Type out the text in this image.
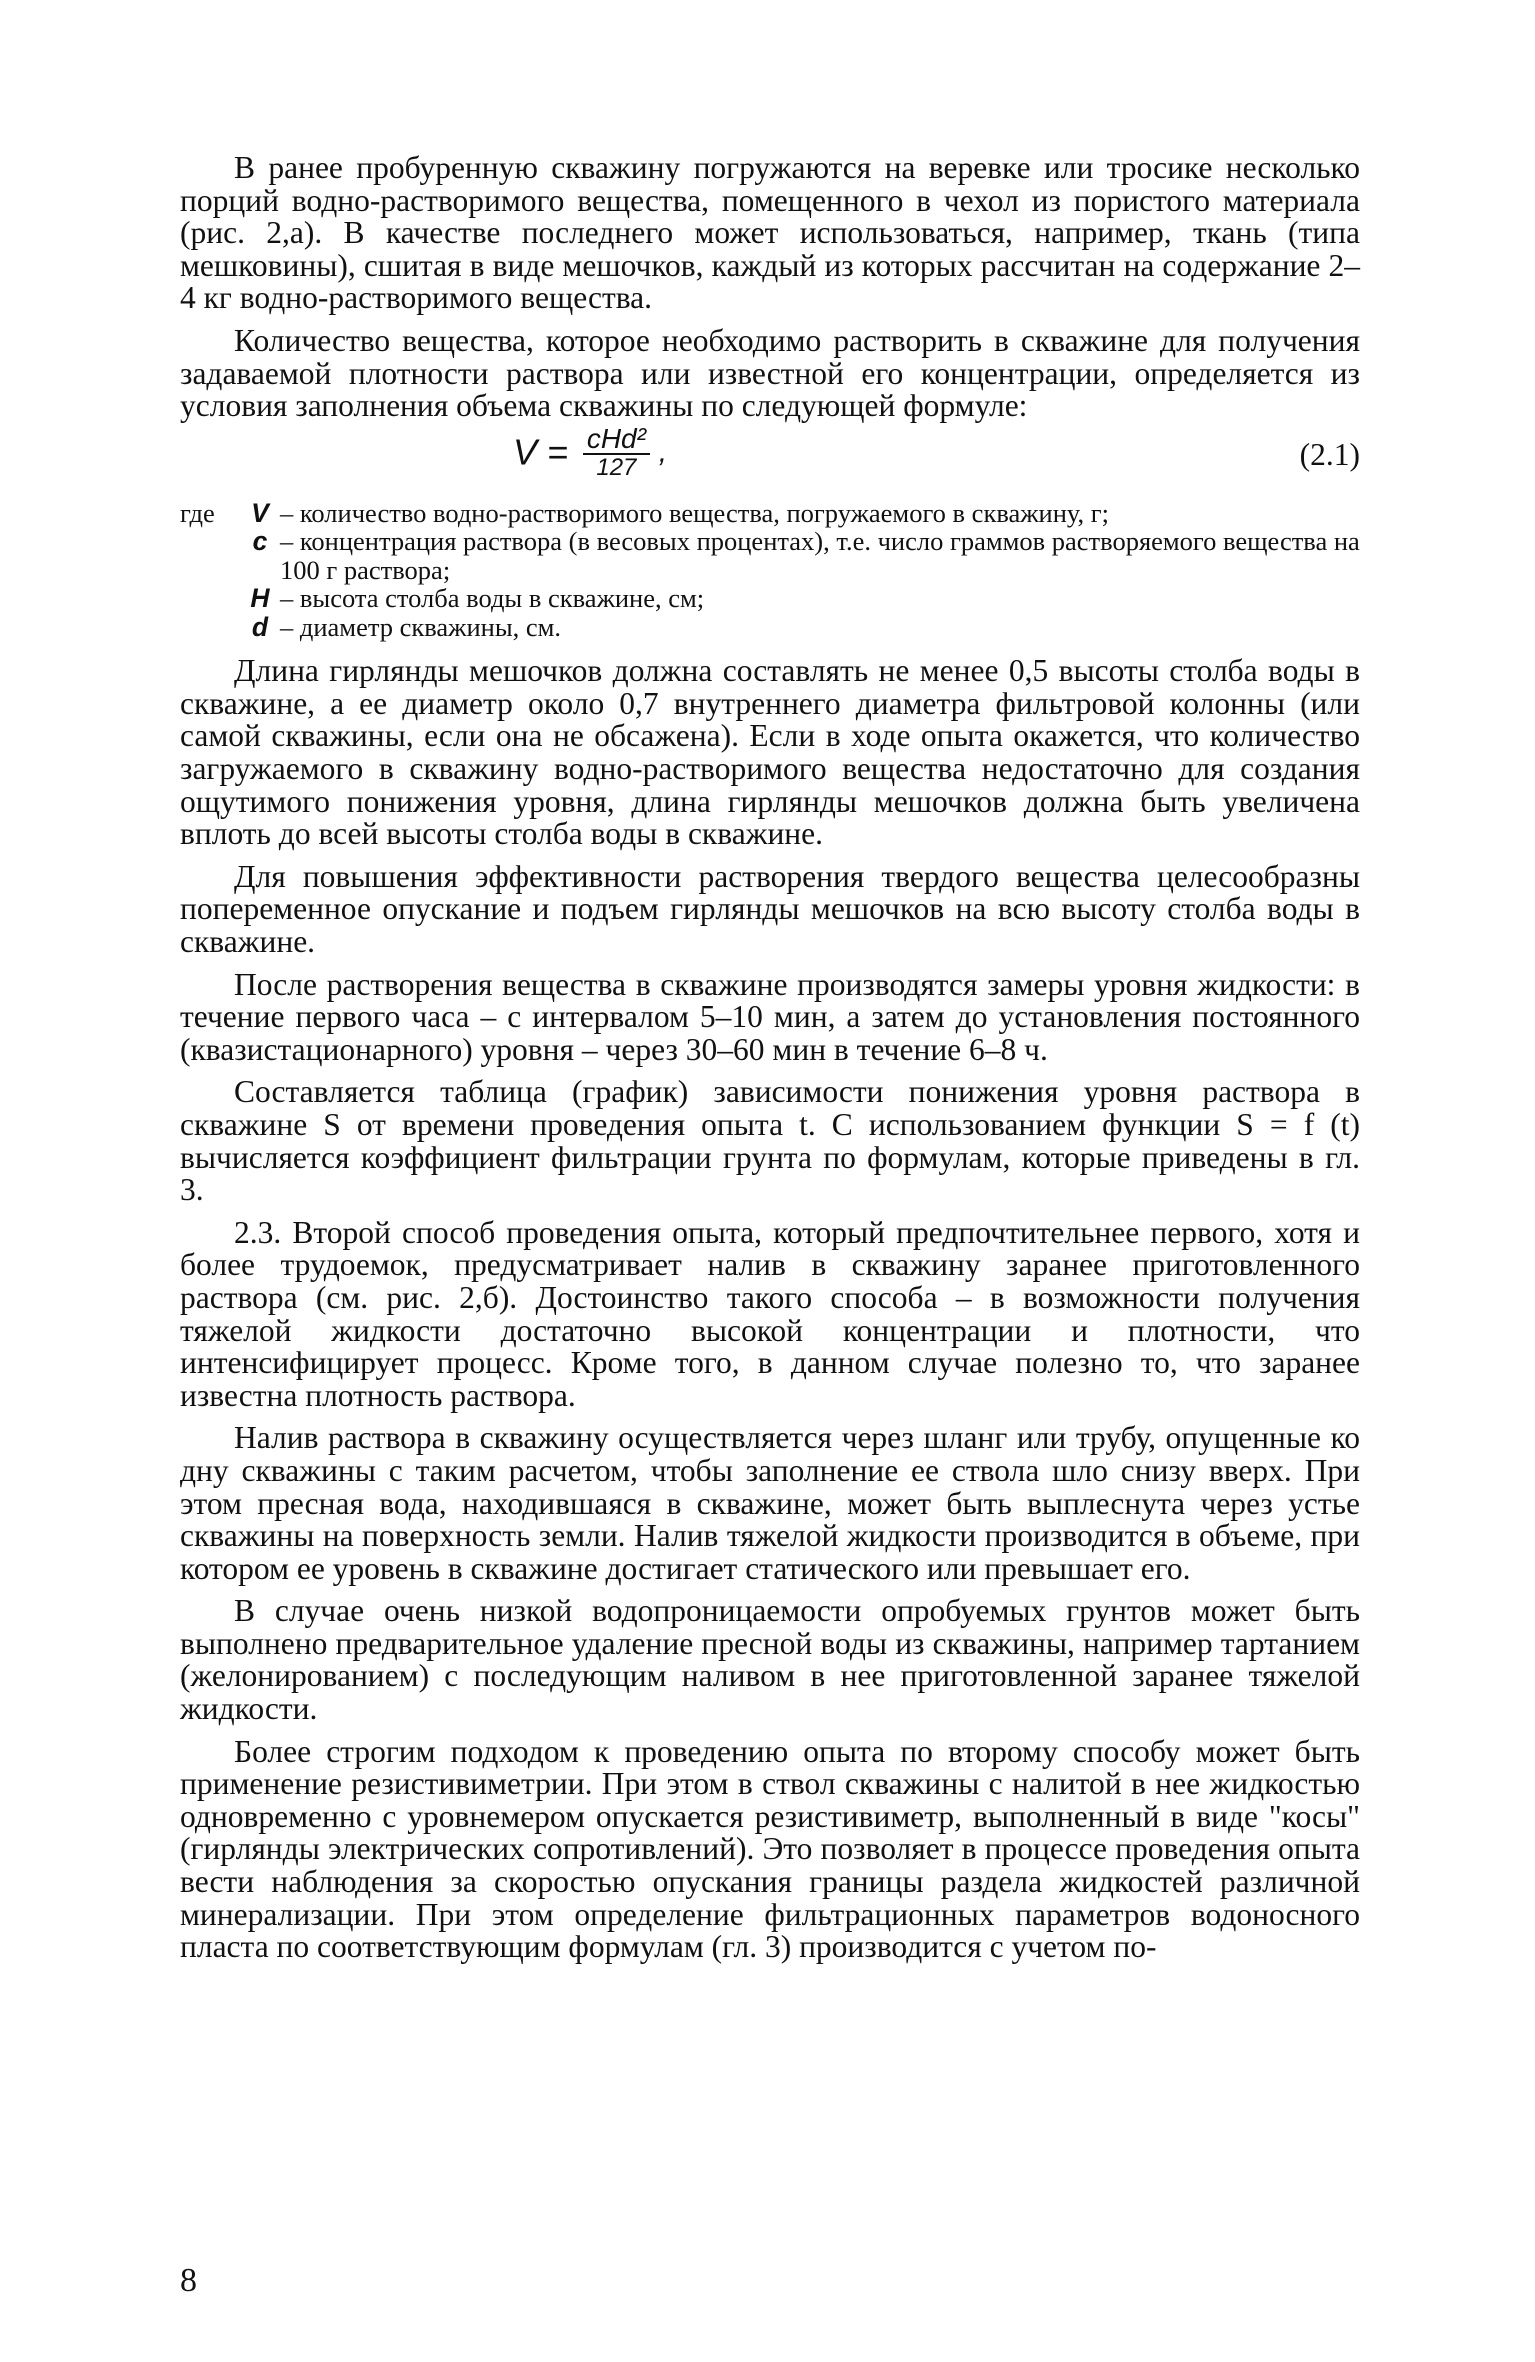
В ранее пробуренную скважину погружаются на веревке или тросике несколько порций водно-растворимого вещества, помещенного в чехол из пористого материала (рис. 2,а). В качестве последнего может использоваться, например, ткань (типа мешковины), сшитая в виде мешочков, каждый из которых рассчитан на содержание 2–4 кг водно-растворимого вещества.

Количество вещества, которое необходимо растворить в скважине для получения задаваемой плотности раствора или известной его концентрации, определяется из условия заполнения объема скважины по следующей формуле:

$V = \frac{\text{cHd²}}{127}$ ,	(2.1)
где	V – количество водно-растворимого вещества, погружаемого в скважину, г;
c – концентрация раствора (в весовых процентах), т.е. число граммов растворяемого вещества на 100 г раствора;
H – высота столба воды в скважине, см;
d – диаметр скважины, см.

Длина гирлянды мешочков должна составлять не менее 0,5 высоты столба воды в скважине, а ее диаметр около 0,7 внутреннего диаметра фильтровой колонны (или самой скважины, если она не обсажена). Если в ходе опыта окажется, что количество загружаемого в скважину водно-растворимого вещества недостаточно для создания ощутимого понижения уровня, длина гирлянды мешочков должна быть увеличена вплоть до всей высоты столба воды в скважине.

Для повышения эффективности растворения твердого вещества целесообразны попеременное опускание и подъем гирлянды мешочков на всю высоту столба воды в скважине.

После растворения вещества в скважине производятся замеры уровня жидкости: в течение первого часа – с интервалом 5–10 мин, а затем до установления постоянного (квазистационарного) уровня – через 30–60 мин в течение 6–8 ч.

Составляется таблица (график) зависимости понижения уровня раствора в скважине S от времени проведения опыта t. С использованием функции S = f (t) вычисляется коэффициент фильтрации грунта по формулам, которые приведены в гл. 3.

2.3. Второй способ проведения опыта, который предпочтительнее первого, хотя и более трудоемок, предусматривает налив в скважину заранее приготовленного раствора (см. рис. 2,б). Достоинство такого способа – в возможности получения тяжелой жидкости достаточно высокой концентрации и плотности, что интенсифицирует процесс. Кроме того, в данном случае полезно то, что заранее известна плотность раствора.

Налив раствора в скважину осуществляется через шланг или трубу, опущенные ко дну скважины с таким расчетом, чтобы заполнение ее ствола шло снизу вверх. При этом пресная вода, находившаяся в скважине, может быть выплеснута через устье скважины на поверхность земли. Налив тяжелой жидкости производится в объеме, при котором ее уровень в скважине достигает статического или превышает его.

В случае очень низкой водопроницаемости опробуемых грунтов может быть выполнено предварительное удаление пресной воды из скважины, например тартанием (желонированием) с последующим наливом в нее приготовленной заранее тяжелой жидкости.

Более строгим подходом к проведению опыта по второму способу может быть применение резистивиметрии. При этом в ствол скважины с налитой в нее жидкостью одновременно с уровнемером опускается резистивиметр, выполненный в виде "косы" (гирлянды электрических сопротивлений). Это позволяет в процессе проведения опыта вести наблюдения за скоростью опускания границы раздела жидкостей различной минерализации. При этом определение фильтрационных параметров водоносного пласта по соответствующим формулам (гл. 3) производится с учетом по-

8
